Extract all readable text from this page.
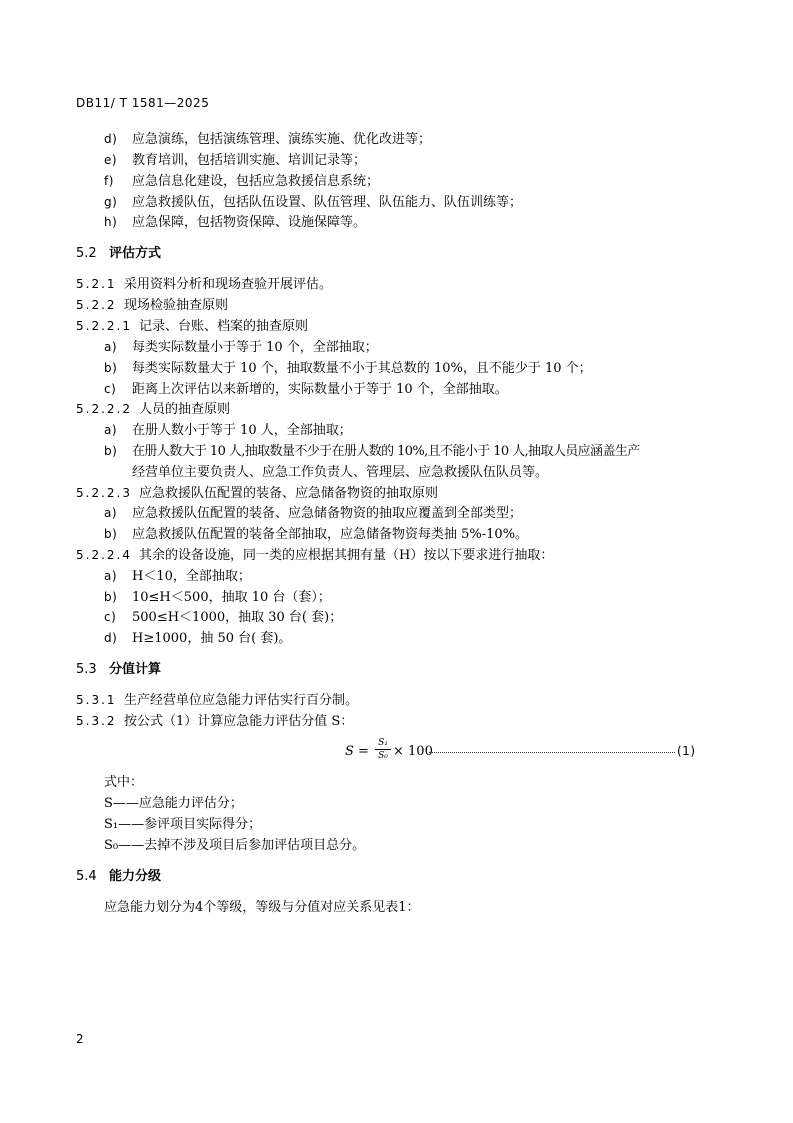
DB11/ T 1581—2025
d) 应急演练，包括演练管理、演练实施、优化改进等；
e) 教育培训，包括培训实施、培训记录等；
f) 应急信息化建设，包括应急救援信息系统；
g) 应急救援队伍，包括队伍设置、队伍管理、队伍能力、队伍训练等；
h) 应急保障，包括物资保障、设施保障等。
5.2 评估方式
5.2.1 采用资料分析和现场查验开展评估。
5.2.2 现场检验抽查原则
5.2.2.1 记录、台账、档案的抽查原则
a) 每类实际数量小于等于 10 个，全部抽取；
b) 每类实际数量大于 10 个，抽取数量不小于其总数的 10%，且不能少于 10 个；
c) 距离上次评估以来新增的，实际数量小于等于 10 个，全部抽取。
5.2.2.2 人员的抽查原则
a) 在册人数小于等于 10 人，全部抽取；
b) 在册人数大于 10 人,抽取数量不少于在册人数的 10%,且不能小于 10 人,抽取人员应涵盖生产
经营单位主要负责人、应急工作负责人、管理层、应急救援队伍队员等。
5.2.2.3 应急救援队伍配置的装备、应急储备物资的抽取原则
a) 应急救援队伍配置的装备、应急储备物资的抽取应覆盖到全部类型；
b) 应急救援队伍配置的装备全部抽取，应急储备物资每类抽 5%-10%。
5.2.2.4 其余的设备设施，同一类的应根据其拥有量（H）按以下要求进行抽取：
a) H＜10，全部抽取；
b) 10≤H＜500，抽取 10 台（套）；
c) 500≤H＜1000，抽取 30 台( 套)；
d) H≥1000，抽 50 台( 套)。
5.3 分值计算
5.3.1 生产经营单位应急能力评估实行百分制。
5.3.2 按公式（1）计算应急能力评估分值 S：
$S = \frac{\text{S₁}}{\text{S₀}} \times 100$	(1)
式中：
S——应急能力评估分；
S₁——参评项目实际得分；
S₀——去掉不涉及项目后参加评估项目总分。
5.4 能力分级
应急能力划分为4个等级，等级与分值对应关系见表1：
2
